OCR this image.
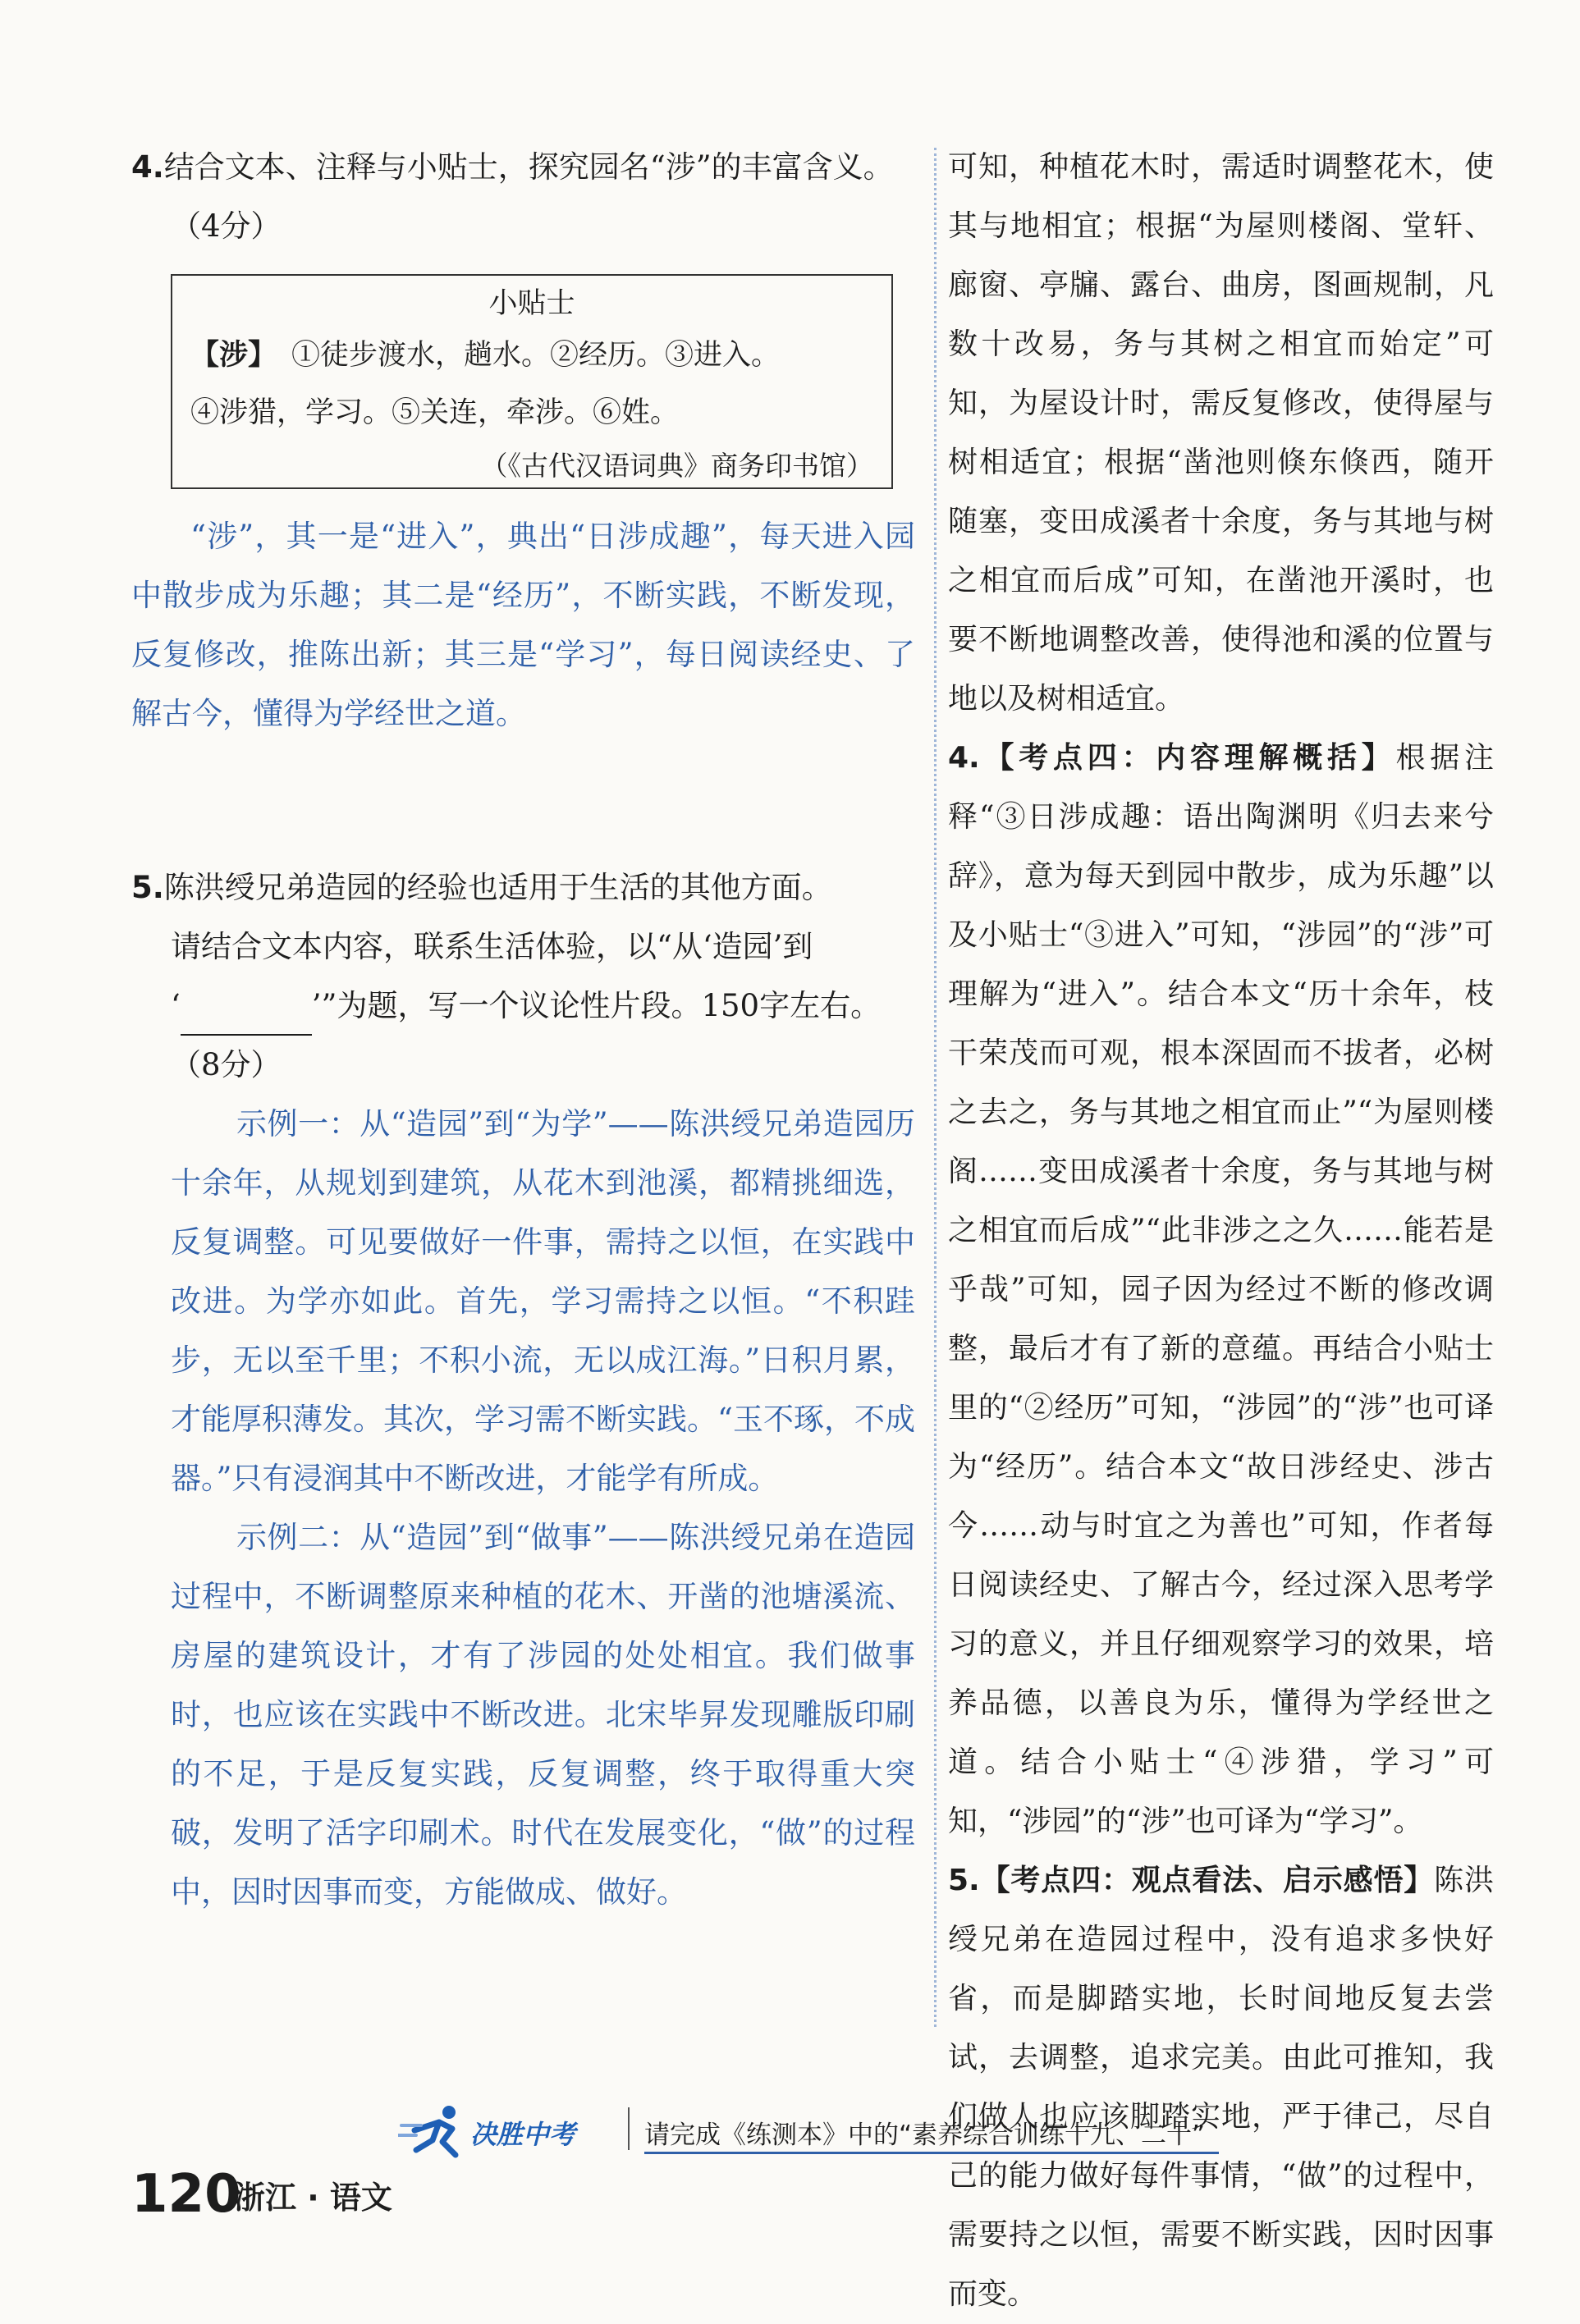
4.结合文本、注释与小贴士，探究园名“涉”的丰富含义。

（4分）

小贴士

【涉】 ①徒步渡水，趟水。②经历。③进入。

④涉猎，学习。⑤关连，牵涉。⑥姓。

（《古代汉语词典》商务印书馆）

“涉”，其一是“进入”，典出“日涉成趣”，每天进入园中散步成为乐趣；其二是“经历”，不断实践，不断发现，反复修改，推陈出新；其三是“学习”，每日阅读经史、了解古今，懂得为学经世之道。

5.陈洪绶兄弟造园的经验也适用于生活的其他方面。

请结合文本内容，联系生活体验，以“从‘造园’到

‘	’”为题，写一个议论性片段。150字左右。

（8分）

示例一：从“造园”到“为学”——陈洪绶兄弟造园历十余年，从规划到建筑，从花木到池溪，都精挑细选，反复调整。可见要做好一件事，需持之以恒，在实践中改进。为学亦如此。首先，学习需持之以恒。“不积跬步，无以至千里；不积小流，无以成江海。”日积月累，才能厚积薄发。其次，学习需不断实践。“玉不琢，不成器。”只有浸润其中不断改进，才能学有所成。

示例二：从“造园”到“做事”——陈洪绶兄弟在造园过程中，不断调整原来种植的花木、开凿的池塘溪流、房屋的建筑设计，才有了涉园的处处相宜。我们做事时，也应该在实践中不断改进。北宋毕昇发现雕版印刷的不足，于是反复实践，反复调整，终于取得重大突破，发明了活字印刷术。时代在发展变化，“做”的过程中，因时因事而变，方能做成、做好。

可知，种植花木时，需适时调整花木，使其与地相宜；根据“为屋则楼阁、堂轩、廊窗、亭牖、露台、曲房，图画规制，凡数十改易，务与其树之相宜而始定”可知，为屋设计时，需反复修改，使得屋与树相适宜；根据“凿池则倏东倏西，随开随塞，变田成溪者十余度，务与其地与树之相宜而后成”可知，在凿池开溪时，也要不断地调整改善，使得池和溪的位置与地以及树相适宜。

4.【考点四：内容理解概括】根据注释“③日涉成趣：语出陶渊明《归去来兮辞》，意为每天到园中散步，成为乐趣”以及小贴士“③进入”可知，“涉园”的“涉”可理解为“进入”。结合本文“历十余年，枝干荣茂而可观，根本深固而不拔者，必树之去之，务与其地之相宜而止”“为屋则楼阁……变田成溪者十余度，务与其地与树之相宜而后成”“此非涉之之久……能若是乎哉”可知，园子因为经过不断的修改调整，最后才有了新的意蕴。再结合小贴士里的“②经历”可知，“涉园”的“涉”也可译为“经历”。结合本文“故日涉经史、涉古今……动与时宜之为善也”可知，作者每日阅读经史、了解古今，经过深入思考学习的意义，并且仔细观察学习的效果，培养品德，以善良为乐，懂得为学经世之道。结合小贴士“④涉猎，学习”可知，“涉园”的“涉”也可译为“学习”。

5.【考点四：观点看法、启示感悟】陈洪绶兄弟在造园过程中，没有追求多快好省，而是脚踏实地，长时间地反复去尝试，去调整，追求完美。由此可推知，我们做人也应该脚踏实地，严于律己，尽自己的能力做好每件事情，“做”的过程中，需要持之以恒，需要不断实践，因时因事而变。

决胜中考	请完成《练测本》中的“素养综合训练十九、二十”
120
浙江 · 语文
